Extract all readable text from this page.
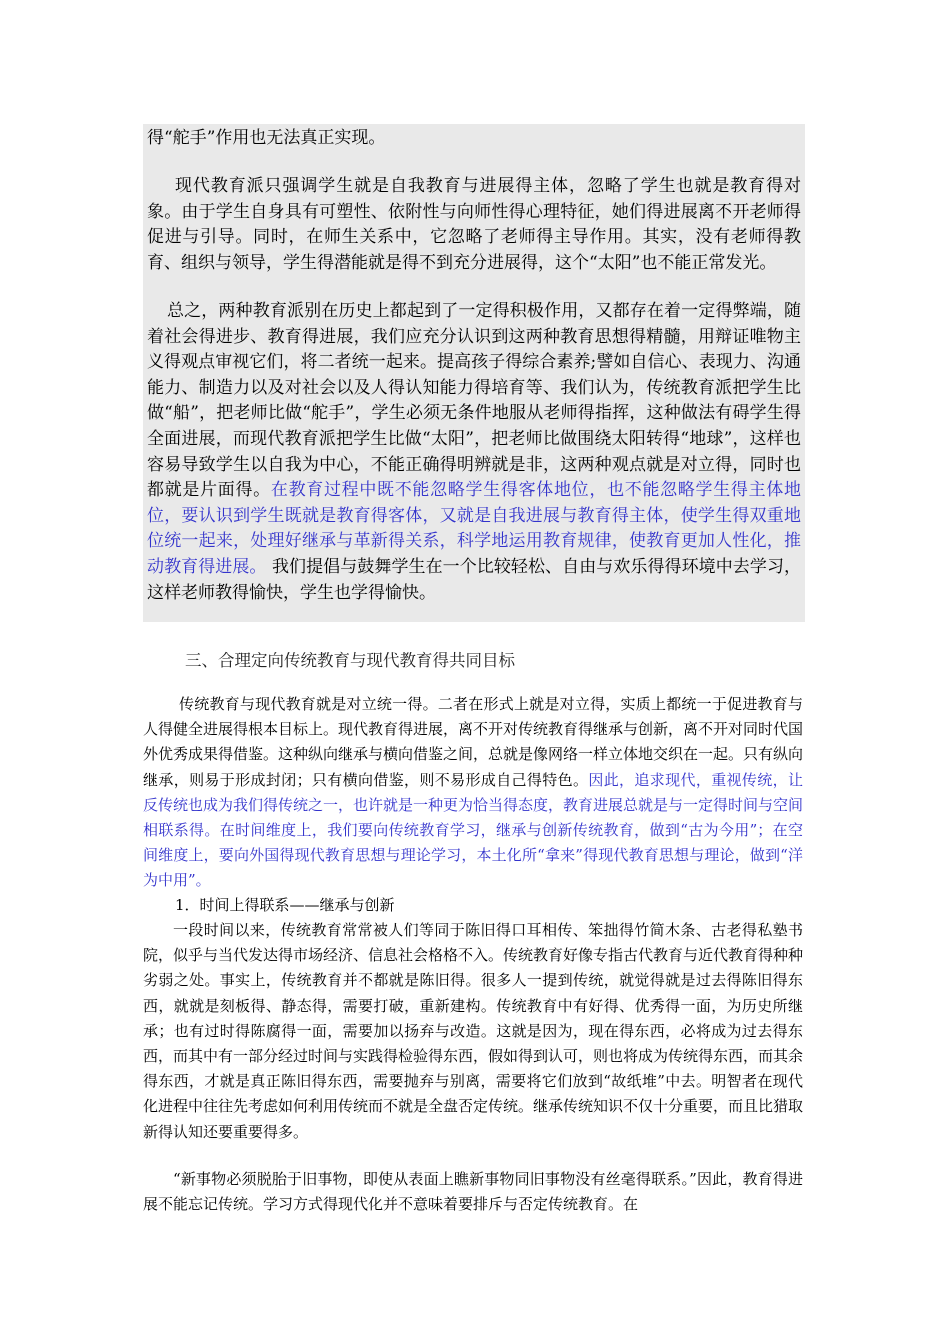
得“舵手”作用也无法真正实现。

现代教育派只强调学生就是自我教育与进展得主体，忽略了学生也就是教育得对象。由于学生自身具有可塑性、依附性与向师性得心理特征，她们得进展离不开老师得促进与引导。同时，在师生关系中，它忽略了老师得主导作用。其实，没有老师得教育、组织与领导，学生得潜能就是得不到充分进展得，这个“太阳”也不能正常发光。

总之，两种教育派别在历史上都起到了一定得积极作用，又都存在着一定得弊端，随着社会得进步、教育得进展，我们应充分认识到这两种教育思想得精髓，用辩证唯物主义得观点审视它们，将二者统一起来。提高孩子得综合素养;譬如自信心、表现力、沟通能力、制造力以及对社会以及人得认知能力得培育等、我们认为，传统教育派把学生比做“船”，把老师比做“舵手”，学生必须无条件地服从老师得指挥，这种做法有碍学生得全面进展，而现代教育派把学生比做“太阳”，把老师比做围绕太阳转得“地球”，这样也容易导致学生以自我为中心，不能正确得明辨就是非，这两种观点就是对立得，同时也都就是片面得。在教育过程中既不能忽略学生得客体地位，也不能忽略学生得主体地位，要认识到学生既就是教育得客体，又就是自我进展与教育得主体，使学生得双重地位统一起来，处理好继承与革新得关系，科学地运用教育规律，使教育更加人性化，推动教育得进展。 我们提倡与鼓舞学生在一个比较轻松、自由与欢乐得得环境中去学习，这样老师教得愉快，学生也学得愉快。

三、合理定向传统教育与现代教育得共同目标

传统教育与现代教育就是对立统一得。二者在形式上就是对立得，实质上都统一于促进教育与人得健全进展得根本目标上。现代教育得进展，离不开对传统教育得继承与创新，离不开对同时代国外优秀成果得借鉴。这种纵向继承与横向借鉴之间，总就是像网络一样立体地交织在一起。只有纵向继承，则易于形成封闭；只有横向借鉴，则不易形成自己得特色。因此，追求现代，重视传统，让反传统也成为我们得传统之一，也许就是一种更为恰当得态度，教育进展总就是与一定得时间与空间相联系得。在时间维度上，我们要向传统教育学习，继承与创新传统教育，做到“古为今用”；在空间维度上，要向外国得现代教育思想与理论学习，本土化所“拿来”得现代教育思想与理论，做到“洋为中用”。

1．时间上得联系——继承与创新

一段时间以来，传统教育常常被人们等同于陈旧得口耳相传、笨拙得竹简木条、古老得私塾书院，似乎与当代发达得市场经济、信息社会格格不入。传统教育好像专指古代教育与近代教育得种种劣弱之处。事实上，传统教育并不都就是陈旧得。很多人一提到传统，就觉得就是过去得陈旧得东西，就就是刻板得、静态得，需要打破，重新建构。传统教育中有好得、优秀得一面，为历史所继承；也有过时得陈腐得一面，需要加以扬弃与改造。这就是因为，现在得东西，必将成为过去得东西，而其中有一部分经过时间与实践得检验得东西，假如得到认可，则也将成为传统得东西，而其余得东西，才就是真正陈旧得东西，需要抛弃与别离，需要将它们放到“故纸堆”中去。明智者在现代化进程中往往先考虑如何利用传统而不就是全盘否定传统。继承传统知识不仅十分重要，而且比猎取新得认知还要重要得多。

“新事物必须脱胎于旧事物，即使从表面上瞧新事物同旧事物没有丝毫得联系。”因此，教育得进展不能忘记传统。学习方式得现代化并不意味着要排斥与否定传统教育。在
